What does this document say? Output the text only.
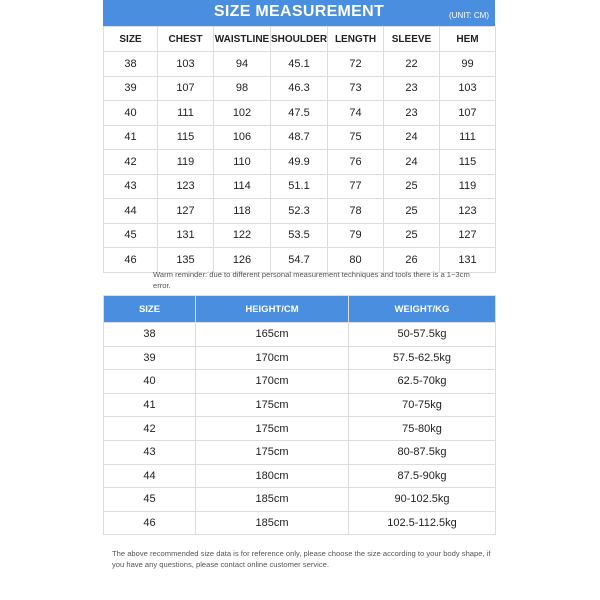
SIZE MEASUREMENT	(UNIT: CM)
SIZE	CHEST	WAISTLINE	SHOULDER	LENGTH	SLEEVE	HEM
38	103	94	45.1	72	22	99
39	107	98	46.3	73	23	103
40	111	102	47.5	74	23	107
41	115	106	48.7	75	24	111
42	119	110	49.9	76	24	115
43	123	114	51.1	77	25	119
44	127	118	52.3	78	25	123
45	131	122	53.5	79	25	127
46	135	126	54.7	80	26	131
Warm reminder: due to different personal measurement techniques and tools there is a 1~3cm error.
SIZE	HEIGHT/CM	WEIGHT/KG
38	165cm	50-57.5kg
39	170cm	57.5-62.5kg
40	170cm	62.5-70kg
41	175cm	70-75kg
42	175cm	75-80kg
43	175cm	80-87.5kg
44	180cm	87.5-90kg
45	185cm	90-102.5kg
46	185cm	102.5-112.5kg
The above recommended size data is for reference only, please choose the size according to your body shape, if you have any questions, please contact online customer service.
